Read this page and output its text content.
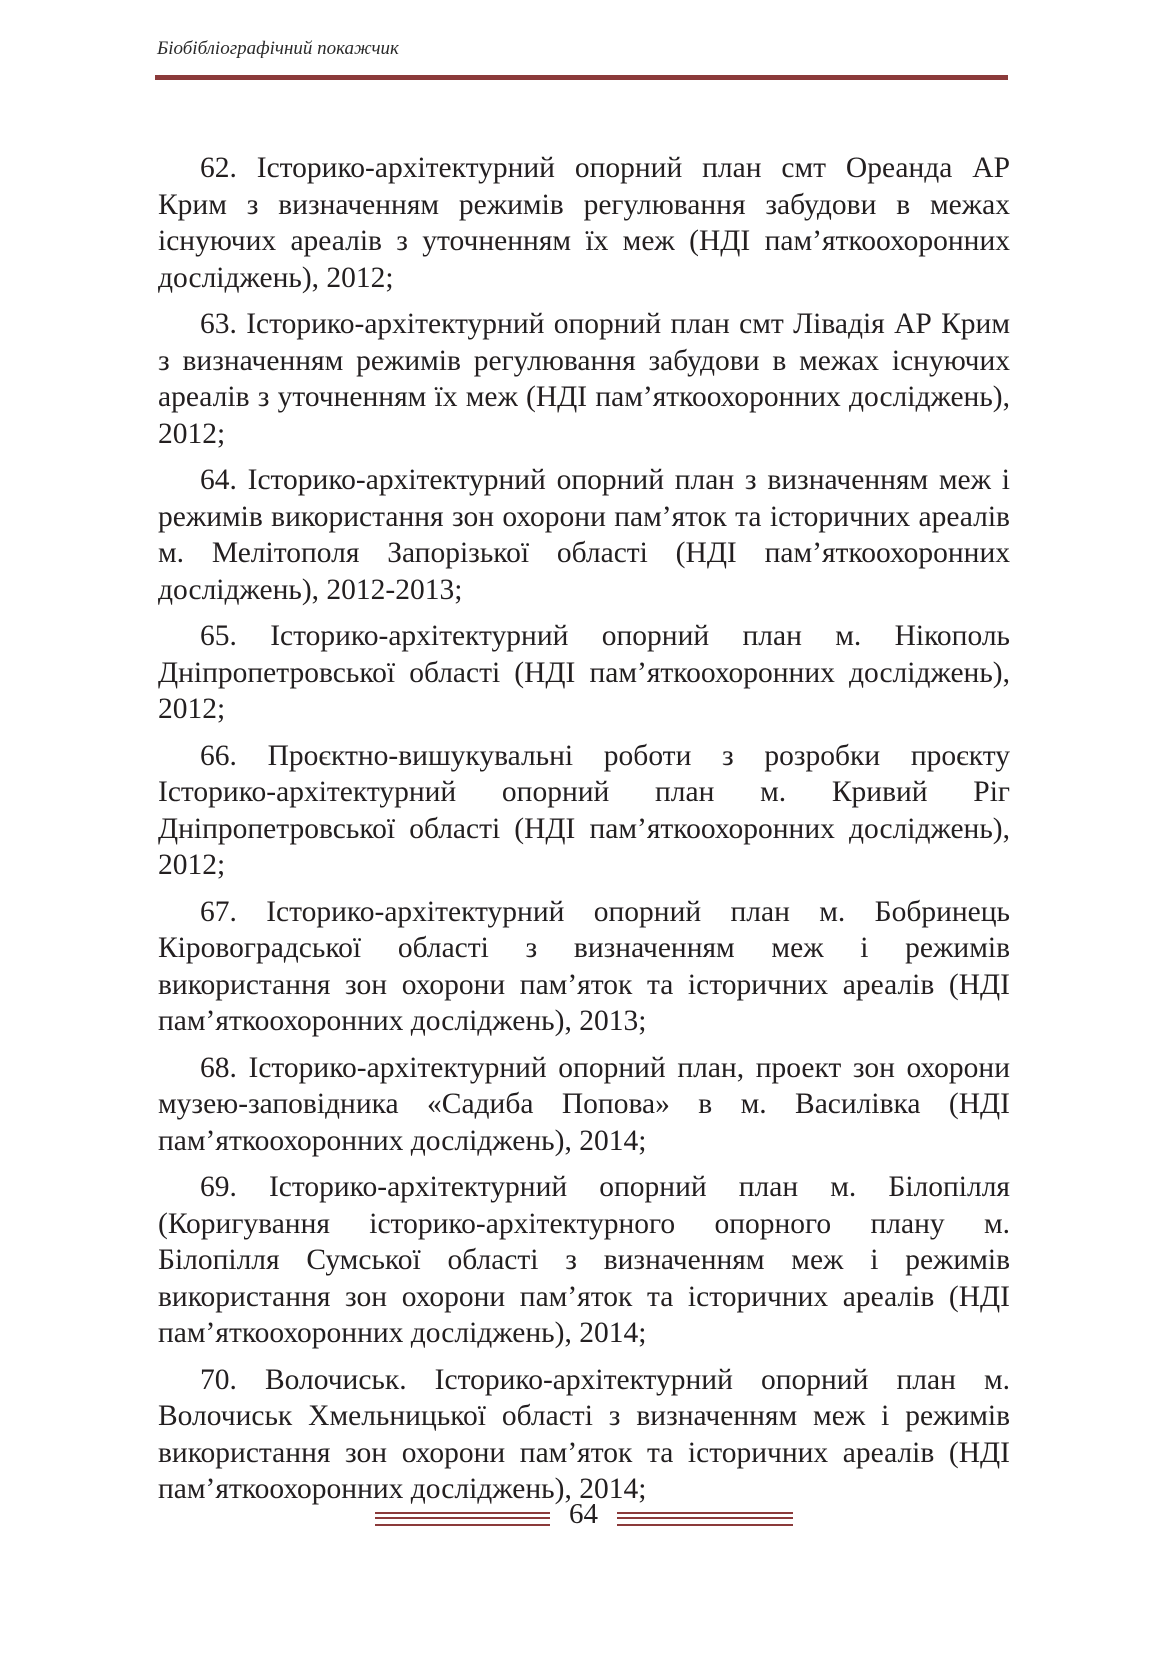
Біобібліографічний покажчик

62. Історико-архітектурний опорний план смт Ореанда АР Крим з визначенням режимів регулювання забудови в межах існуючих ареалів з уточненням їх меж (НДІ пам’яткоохоронних досліджень), 2012;

63. Історико-архітектурний опорний план смт Лівадія АР Крим з визначенням режимів регулювання забудови в межах існуючих ареалів з уточненням їх меж (НДІ пам’яткоохоронних досліджень), 2012;

64. Історико-архітектурний опорний план з визначенням меж і режимів використання зон охорони пам’яток та історичних ареалів м. Мелітополя Запорізької області (НДІ пам’яткоохоронних досліджень), 2012-2013;

65. Історико-архітектурний опорний план м. Нікополь Дніпропетровської області (НДІ пам’яткоохоронних досліджень), 2012;

66. Проєктно-вишукувальні роботи з розробки проєкту Історико-архітектурний опорний план м. Кривий Ріг Дніпропетровської області (НДІ пам’яткоохоронних досліджень), 2012;

67. Історико-архітектурний опорний план м. Бобринець Кіровоградської області з визначенням меж і режимів використання зон охорони пам’яток та історичних ареалів (НДІ пам’яткоохоронних досліджень), 2013;

68. Історико-архітектурний опорний план, проект зон охорони музею-заповідника «Садиба Попова» в м. Василівка (НДІ пам’яткоохоронних досліджень), 2014;

69. Історико-архітектурний опорний план м. Білопілля (Коригування історико-архітектурного опорного плану м. Білопілля Сумської області з визначенням меж і режимів використання зон охорони пам’яток та історичних ареалів (НДІ пам’яткоохоронних досліджень), 2014;

70. Волочиськ. Історико-архітектурний опорний план м. Волочиськ Хмельницької області з визначенням меж і режимів використання зон охорони пам’яток та історичних ареалів (НДІ пам’яткоохоронних досліджень), 2014;

64
